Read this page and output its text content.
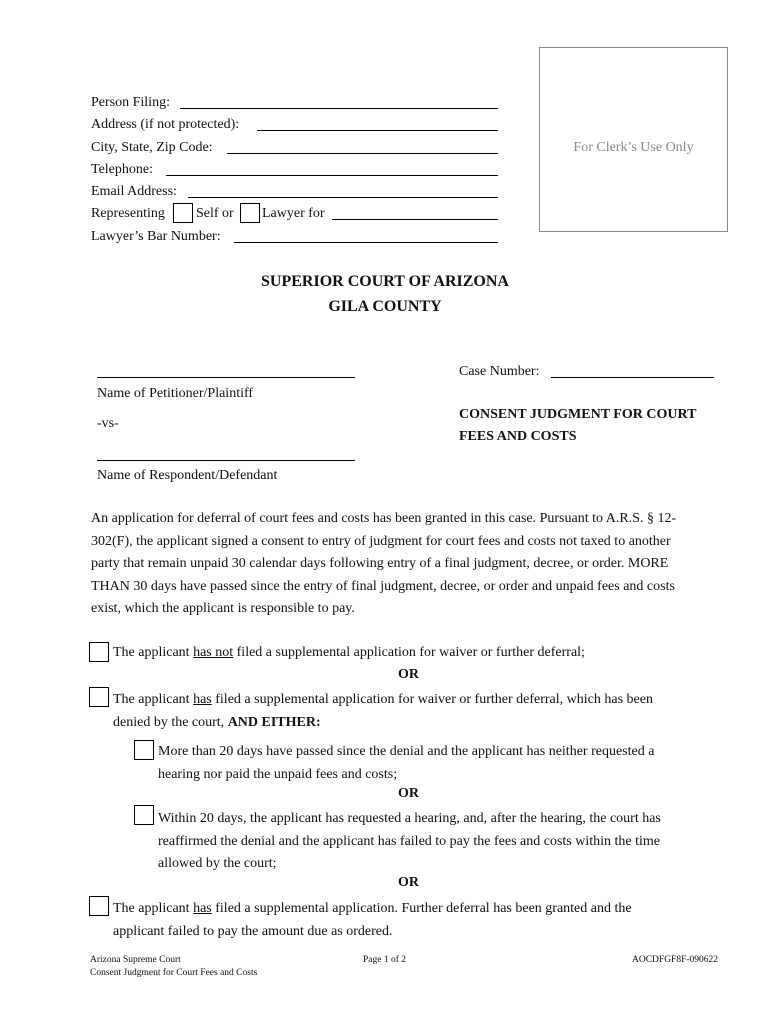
Person Filing:
Address (if not protected):
City, State, Zip Code:
Telephone:
Email Address:
Representing Self or Lawyer for
Lawyer’s Bar Number:
For Clerk’s Use Only
SUPERIOR COURT OF ARIZONA
GILA COUNTY
Name of Petitioner/Plaintiff
-vs-
Name of Respondent/Defendant
Case Number:
CONSENT JUDGMENT FOR COURT
FEES AND COSTS
An application for deferral of court fees and costs has been granted in this case. Pursuant to A.R.S. § 12-
302(F), the applicant signed a consent to entry of judgment for court fees and costs not taxed to another
party that remain unpaid 30 calendar days following entry of a final judgment, decree, or order. MORE
THAN 30 days have passed since the entry of final judgment, decree, or order and unpaid fees and costs
exist, which the applicant is responsible to pay.
The applicant has not filed a supplemental application for waiver or further deferral;
OR
The applicant has filed a supplemental application for waiver or further deferral, which has been
denied by the court, AND EITHER:
More than 20 days have passed since the denial and the applicant has neither requested a
hearing nor paid the unpaid fees and costs;
OR
Within 20 days, the applicant has requested a hearing, and, after the hearing, the court has
reaffirmed the denial and the applicant has failed to pay the fees and costs within the time
allowed by the court;
OR
The applicant has filed a supplemental application. Further deferral has been granted and the
applicant failed to pay the amount due as ordered.
Arizona Supreme Court
Consent Judgment for Court Fees and Costs
Page 1 of 2	AOCDFGF8F-090622
